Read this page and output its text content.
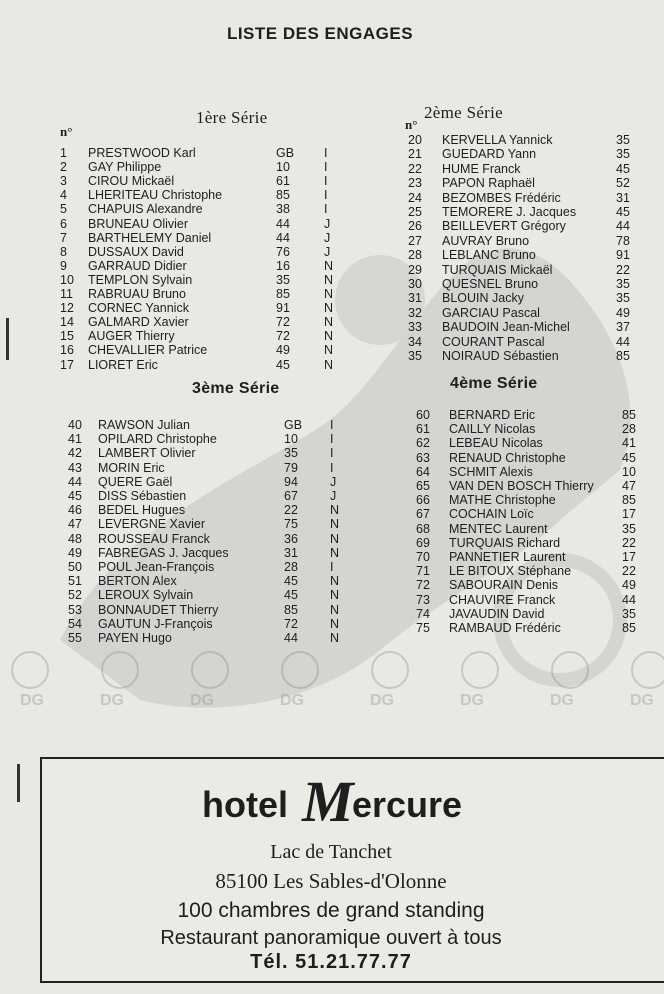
LISTE DES ENGAGES
1ère Série	2ème Série
3ème Série	4ème Série
n°	n°
1 PRESTWOOD Karl	GB I
2 GAY Philippe	10	I
3 CIROU Mickaël	61	I
4 LHERITEAU Christophe	85	I
5 CHAPUIS Alexandre	38	I
6 BRUNEAU Olivier	44	J
7 BARTHELEMY Daniel	44	J
8 DUSSAUX David	76	J
9 GARRAUD Didier	16	N
10 TEMPLON Sylvain	35	N
11 RABRUAU Bruno	85	N
12 CORNEC Yannick	91	N
14 GALMARD Xavier	72	N
15 AUGER Thierry	72	N
16 CHEVALLIER Patrice	49	N
17 LIORET Eric	45	N
20 KERVELLA Yannick	35
21 GUEDARD Yann	35
22 HUME Franck	45
23 PAPON Raphaël	52
24 BEZOMBES Frédéric	31
25 TEMORERE J. Jacques	45
26 BEILLEVERT Grégory	44
27 AUVRAY Bruno	78
28 LEBLANC Bruno	91
29 TURQUAIS Mickaël	22
30 QUESNEL Bruno	35
31 BLOUIN Jacky	35
32 GARCIAU Pascal	49
33 BAUDOIN Jean-Michel	37
34 COURANT Pascal	44
35 NOIRAUD Sébastien	85
40 RAWSON Julian	GB I
41 OPILARD Christophe	10	I
42 LAMBERT Olivier	35	I
43 MORIN Eric	79	I
44 QUERE Gaël	94	J
45 DISS Sébastien	67	J
46 BEDEL Hugues	22	N
47 LEVERGNE Xavier	75	N
48 ROUSSEAU Franck	36	N
49 FABREGAS J. Jacques	31	N
50 POUL Jean-François	28	I
51 BERTON Alex	45	N
52 LEROUX Sylvain	45	N
53 BONNAUDET Thierry	85	N
54 GAUTUN J-François	72	N
55 PAYEN Hugo	44	N
60 BERNARD Eric	85
61 CAILLY Nicolas	28
62 LEBEAU Nicolas	41
63 RENAUD Christophe	45
64 SCHMIT Alexis	10
65 VAN DEN BOSCH Thierry 47
66 MATHE Christophe	85
67 COCHAIN Loïc	17
68 MENTEC Laurent	35
69 TURQUAIS Richard	22
70 PANNETIER Laurent	17
71 LE BITOUX Stéphane	22
72 SABOURAIN Denis	49
73 CHAUVIRE Franck	44
74 JAVAUDIN David	35
75 RAMBAUD Frédéric	85
DG	DG	DG	DG	DG	DG	DG	DG
hotel M
ercure
Lac de Tanchet
85100 Les Sables-d'Olonne
100 chambres de grand standing
Restaurant panoramique ouvert à tous
Tél. 51.21.77.77
